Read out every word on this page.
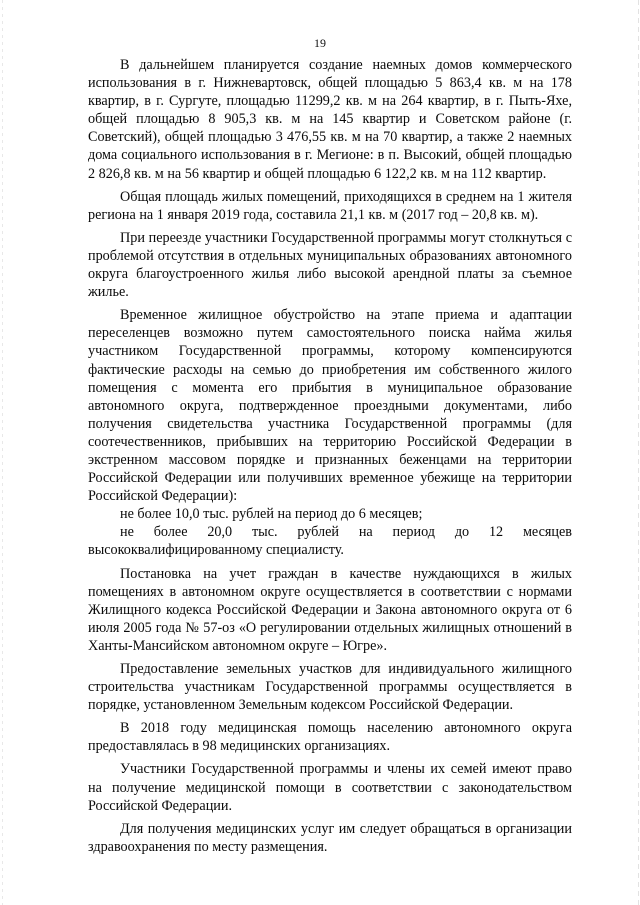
19

В дальнейшем планируется создание наемных домов коммерческого использования в г. Нижневартовск, общей площадью 5 863,4 кв. м на 178 квартир, в г. Сургуте, площадью 11299,2 кв. м на 264 квартир, в г. Пыть-Яхе, общей площадью 8 905,3 кв. м на 145 квартир и Советском районе (г. Советский), общей площадью 3 476,55 кв. м на 70 квартир, а также 2 наемных дома социального использования в г. Мегионе: в п. Высокий, общей площадью 2 826,8 кв. м на 56 квартир и общей площадью 6 122,2 кв. м на 112 квартир.

Общая площадь жилых помещений, приходящихся в среднем на 1 жителя региона на 1 января 2019 года, составила 21,1 кв. м (2017 год – 20,8 кв. м).

При переезде участники Государственной программы могут столкнуться с проблемой отсутствия в отдельных муниципальных образованиях автономного округа благоустроенного жилья либо высокой арендной платы за съемное жилье.

Временное жилищное обустройство на этапе приема и адаптации переселенцев возможно путем самостоятельного поиска найма жилья участником Государственной программы, которому компенсируются фактические расходы на семью до приобретения им собственного жилого помещения с момента его прибытия в муниципальное образование автономного округа, подтвержденное проездными документами, либо получения свидетельства участника Государственной программы (для соотечественников, прибывших на территорию Российской Федерации в экстренном массовом порядке и признанных беженцами на территории Российской Федерации или получивших временное убежище на территории Российской Федерации):

не более 10,0 тыс. рублей на период до 6 месяцев;

не более 20,0 тыс. рублей на период до 12 месяцев высококвалифицированному специалисту.

Постановка на учет граждан в качестве нуждающихся в жилых помещениях в автономном округе осуществляется в соответствии с нормами Жилищного кодекса Российской Федерации и Закона автономного округа от 6 июля 2005 года № 57-оз «О регулировании отдельных жилищных отношений в Ханты-Мансийском автономном округе – Югре».

Предоставление земельных участков для индивидуального жилищного строительства участникам Государственной программы осуществляется в порядке, установленном Земельным кодексом Российской Федерации.

В 2018 году медицинская помощь населению автономного округа предоставлялась в 98 медицинских организациях.

Участники Государственной программы и члены их семей имеют право на получение медицинской помощи в соответствии с законодательством Российской Федерации.

Для получения медицинских услуг им следует обращаться в организации здравоохранения по месту размещения.
